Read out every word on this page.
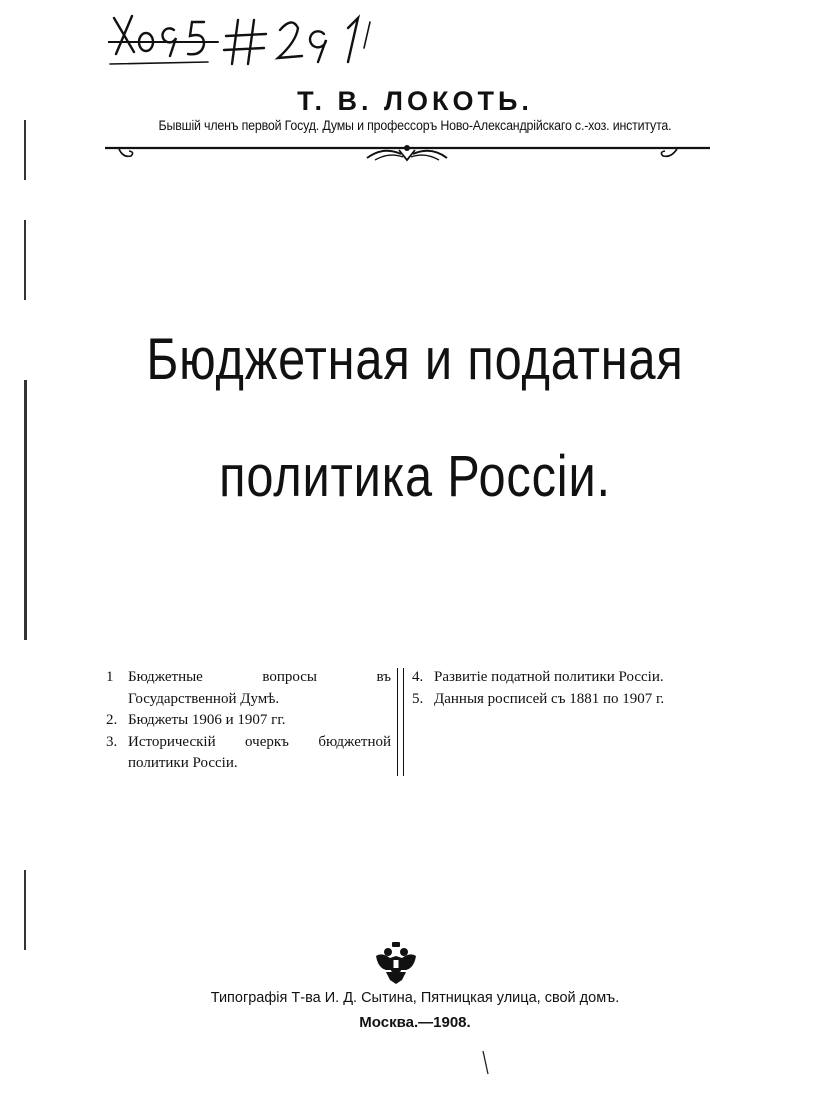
Т. В. ЛОКОТЬ.
Бывшій членъ первой Госуд. Думы и профессоръ Ново-Александрійскаго с.-хоз. института.
Бюджетная и податная
политика Россіи.
1 Бюджетные вопросы въ Государственной Думѣ.
2. Бюджеты 1906 и 1907 гг.
3. Историческій очеркъ бюджетной политики Россіи.
4. Развитіе податной политики Россіи.
5. Данныя росписей съ 1881 по 1907 г.
Типографія Т-ва И. Д. Сытина, Пятницкая улица, свой домъ.
Москва.—1908.
